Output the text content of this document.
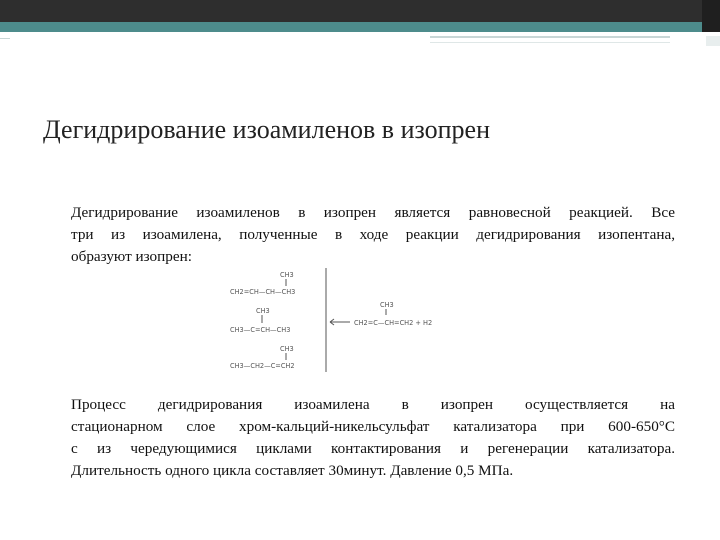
Дегидрирование изоамиленов в изопрен
Дегидрирование изоамиленов в изопрен является равновесной реакцией. Все
три из изоамилена, полученные в ходе реакции дегидрирования изопентана,
образуют изопрен:
CH3
CH2=CH—CH—CH3
CH3
CH3—C=CH—CH3
CH3
CH3—CH2—C=CH2
CH3
CH2=C—CH=CH2 + H2
Процесс дегидрирования изоамилена в изопрен осуществляется на
стационарном слое хром-кальций-никельсульфат катализатора при 600-650°С
с из чередующимися циклами контактирования и регенерации катализатора.
Длительность одного цикла составляет 30минут. Давление 0,5 МПа.
